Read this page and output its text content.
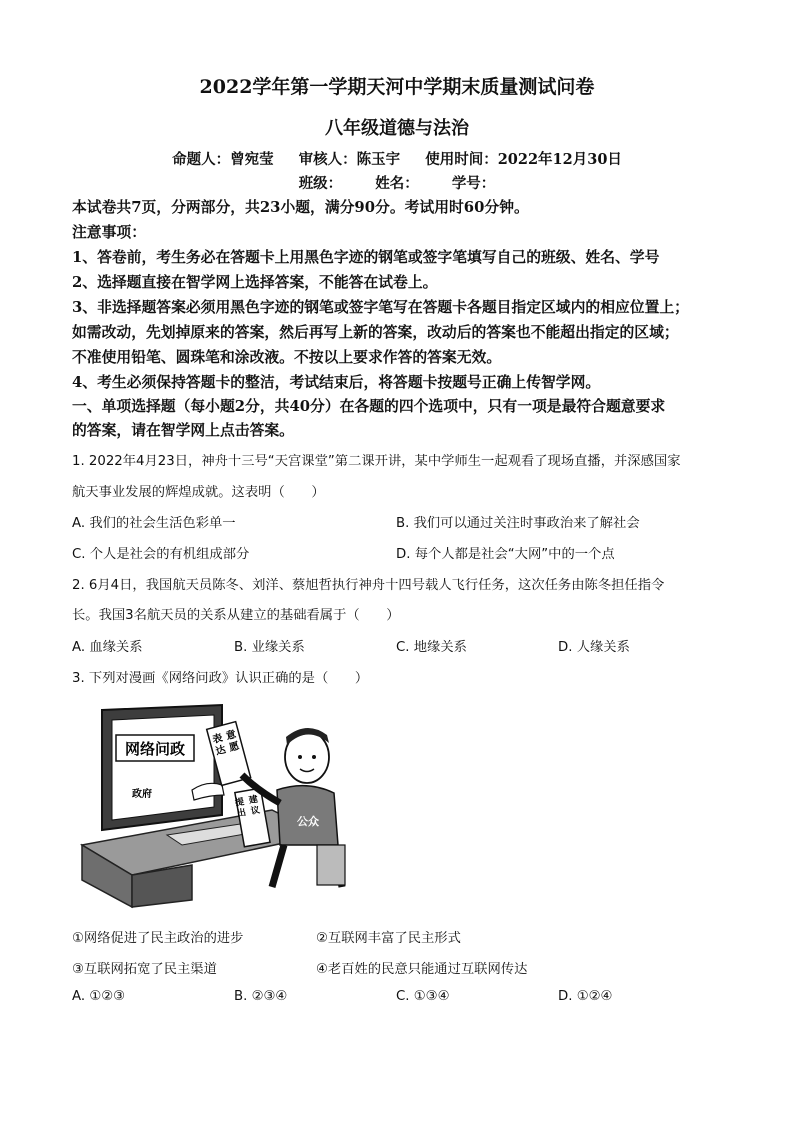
2022学年第一学期天河中学期末质量测试问卷
八年级道德与法治
命题人：曾宛莹 审核人：陈玉宇 使用时间：2022年12月30日
班级： 姓名： 学号：
本试卷共7页，分两部分，共23小题，满分90分。考试用时60分钟。
注意事项：
1、答卷前，考生务必在答题卡上用黑色字迹的钢笔或签字笔填写自己的班级、姓名、学号
2、选择题直接在智学网上选择答案，不能答在试卷上。
3、非选择题答案必须用黑色字迹的钢笔或签字笔写在答题卡各题目指定区域内的相应位置上；
如需改动，先划掉原来的答案，然后再写上新的答案，改动后的答案也不能超出指定的区域；
不准使用铅笔、圆珠笔和涂改液。不按以上要求作答的答案无效。
4、考生必须保持答题卡的整洁，考试结束后，将答题卡按题号正确上传智学网。
一、单项选择题（每小题2分，共40分）在各题的四个选项中，只有一项是最符合题意要求
的答案，请在智学网上点击答案。
1. 2022年4月23日，神舟十三号“天宫课堂”第二课开讲，某中学师生一起观看了现场直播，并深感国家
航天事业发展的辉煌成就。这表明（　　）
A. 我们的社会生活色彩单一	B. 我们可以通过关注时事政治来了解社会
C. 个人是社会的有机组成部分	D. 每个人都是社会“大网”中的一个点
2. 6月4日，我国航天员陈冬、刘洋、蔡旭哲执行神舟十四号载人飞行任务，这次任务由陈冬担任指令
长。我国3名航天员的关系从建立的基础看属于（　　）
A. 血缘关系	B. 业缘关系	C. 地缘关系	D. 人缘关系
3. 下列对漫画《网络问政》认识正确的是（　　）
网络问政
政府
表达意愿
提出建议
公众
①网络促进了民主政治的进步	②互联网丰富了民主形式
③互联网拓宽了民主渠道	④老百姓的民意只能通过互联网传达
A. ①②③	B. ②③④	C. ①③④	D. ①②④
